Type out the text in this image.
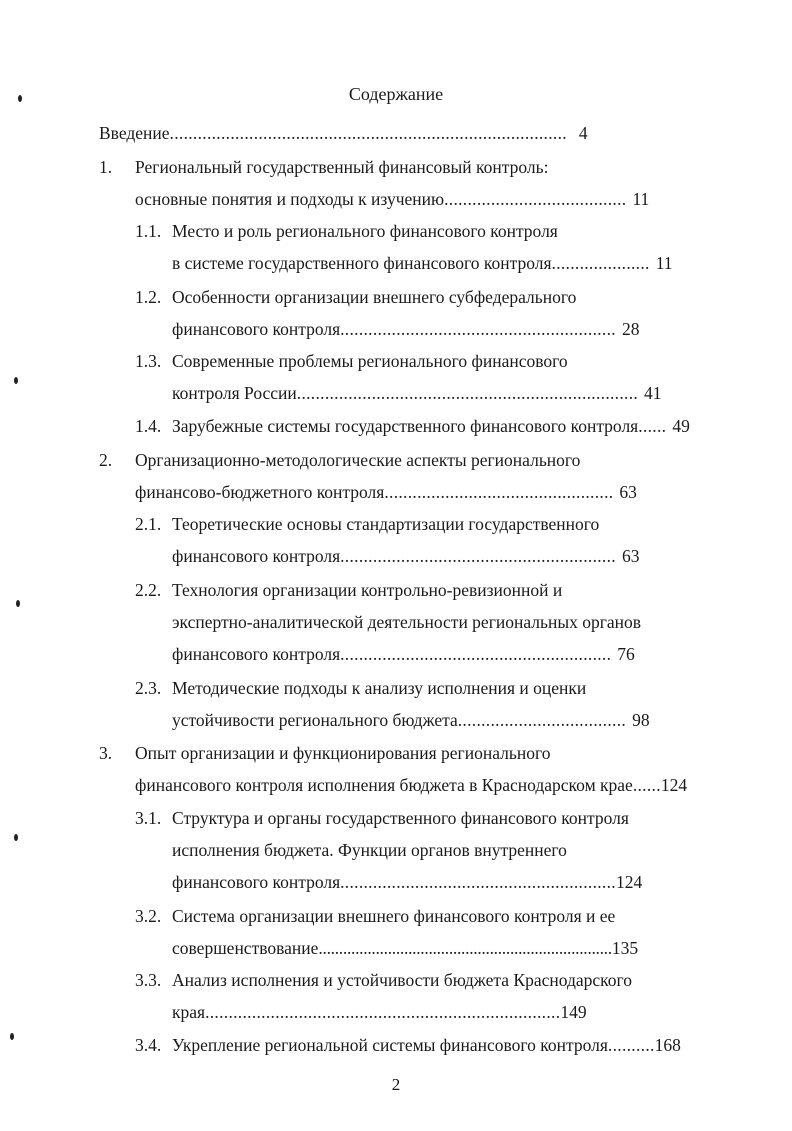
Содержание
Введение..................................................................................... 4
1. Региональный государственный финансовый контроль:
основные понятия и подходы к изучению....................................... 11
1.1. Место и роль регионального финансового контроля
в системе государственного финансового контроля..................... 11
1.2. Особенности организации внешнего субфедерального
финансового контроля........................................................... 28
1.3. Современные проблемы регионального финансового
контроля России......................................................................... 41
1.4. Зарубежные системы государственного финансового контроля...... 49
2. Организационно-методологические аспекты регионального
финансово-бюджетного контроля................................................. 63
2.1. Теоретические основы стандартизации государственного
финансового контроля........................................................... 63
2.2. Технология организации контрольно-ревизионной и
экспертно-аналитической деятельности региональных органов
финансового контроля.......................................................... 76
2.3. Методические подходы к анализу исполнения и оценки
устойчивости регионального бюджета.................................... 98
3. Опыт организации и функционирования регионального
финансового контроля исполнения бюджета в Краснодарском крае......124
3.1. Структура и органы государственного финансового контроля
исполнения бюджета. Функции органов внутреннего
финансового контроля...........................................................124
3.2. Система организации внешнего финансового контроля и ее
совершенствование........................................................................135
3.3. Анализ исполнения и устойчивости бюджета Краснодарского
края............................................................................149
3.4. Укрепление региональной системы финансового контроля..........168
2
